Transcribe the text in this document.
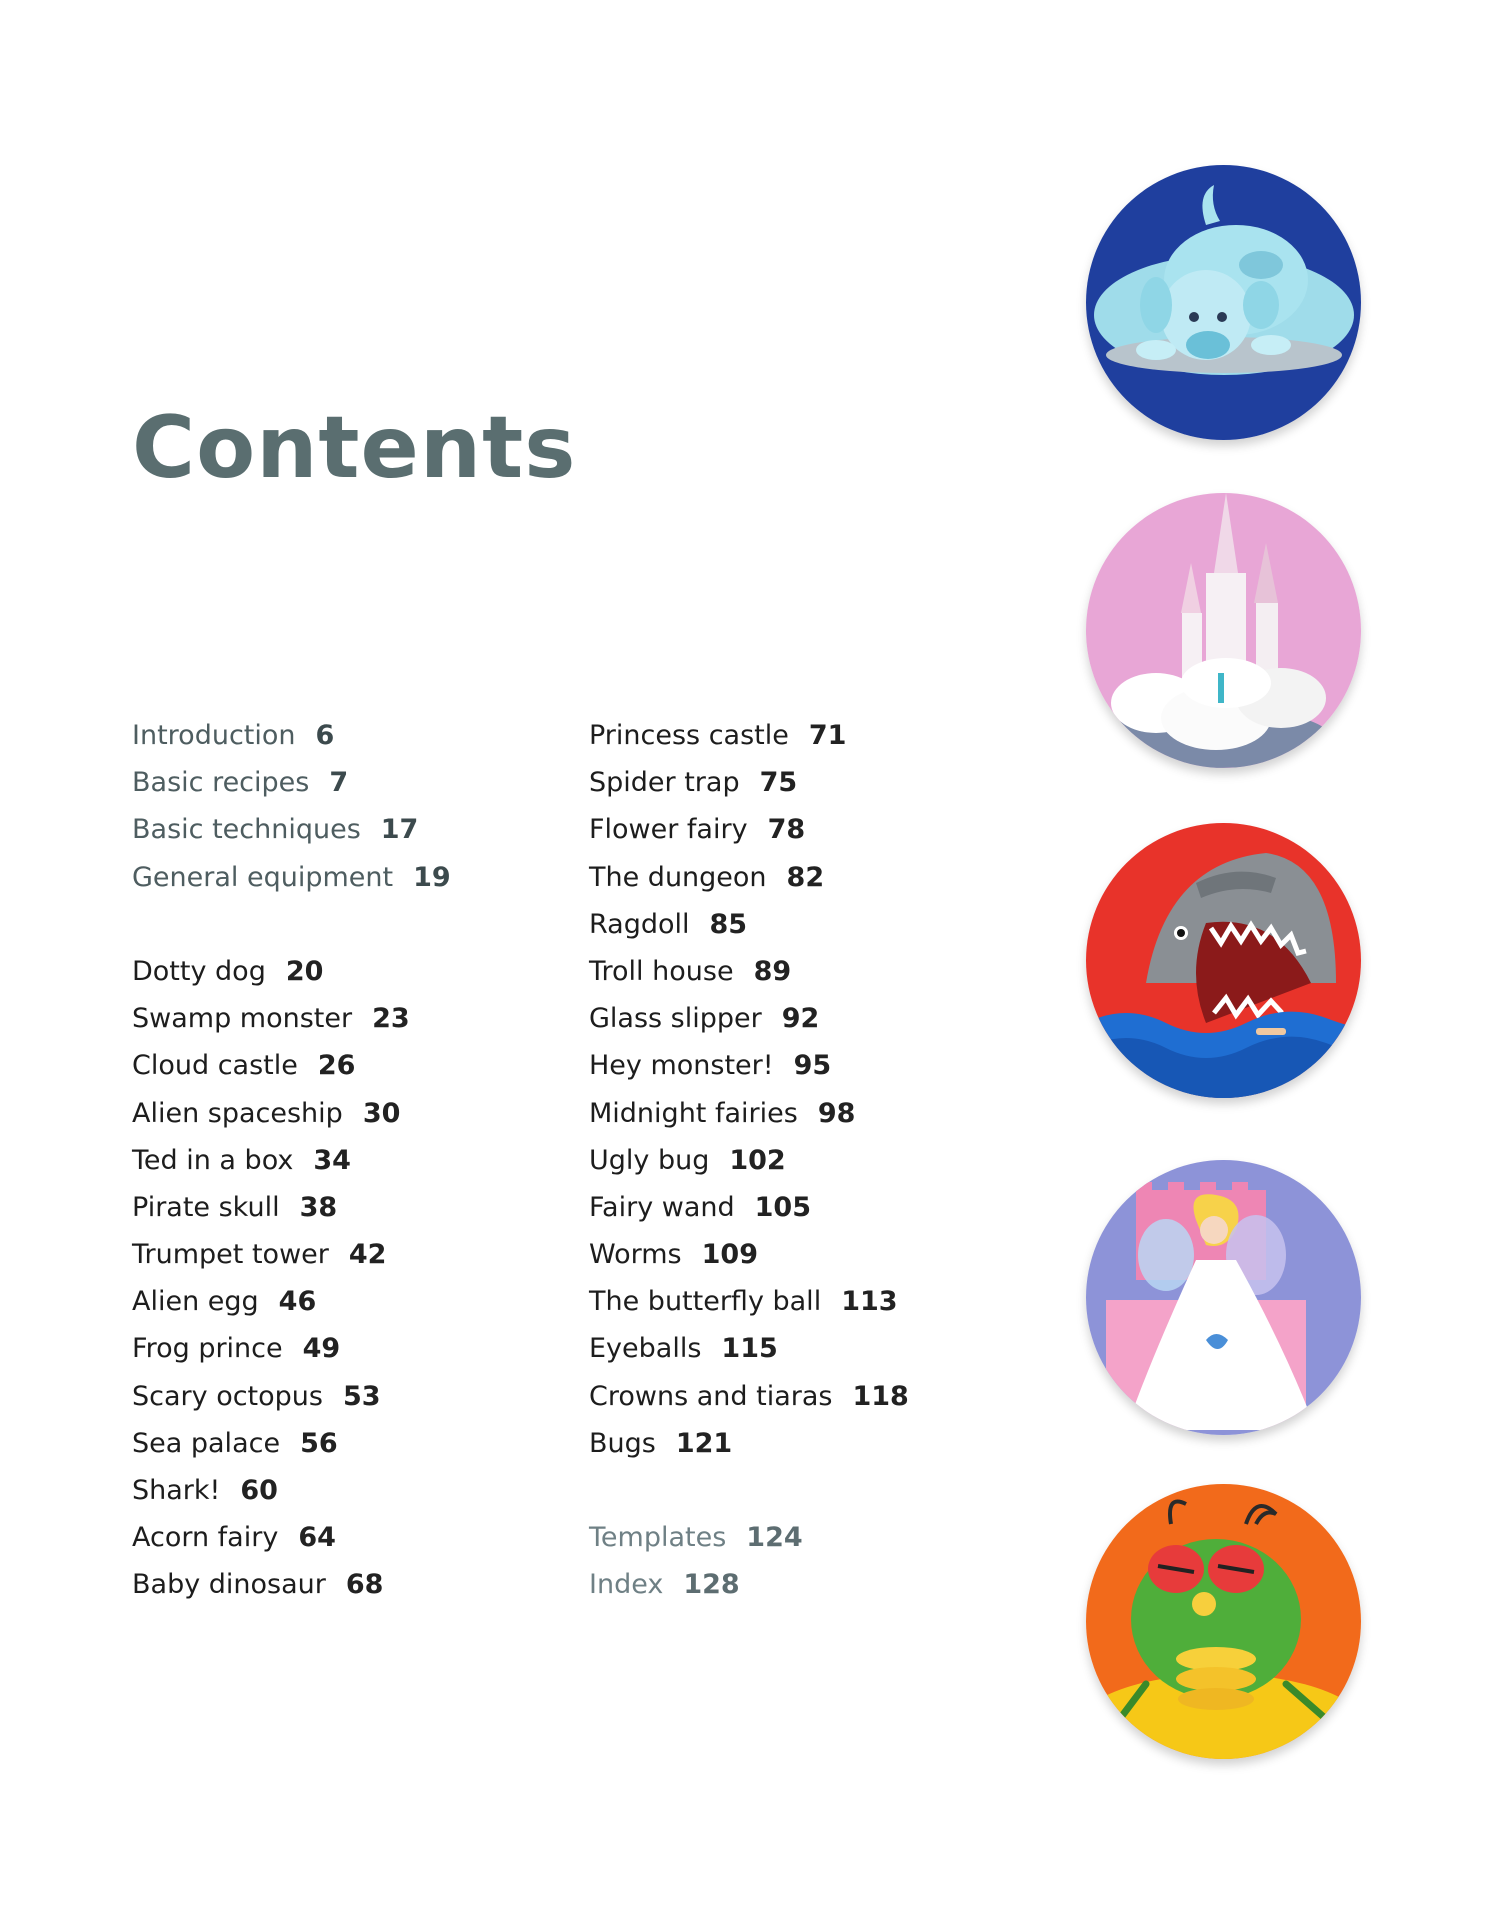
Contents
Introduction 6
Basic recipes 7
Basic techniques 17
General equipment 19
Dotty dog 20
Swamp monster 23
Cloud castle 26
Alien spaceship 30
Ted in a box 34
Pirate skull 38
Trumpet tower 42
Alien egg 46
Frog prince 49
Scary octopus 53
Sea palace 56
Shark! 60
Acorn fairy 64
Baby dinosaur 68
Princess castle 71
Spider trap 75
Flower fairy 78
The dungeon 82
Ragdoll 85
Troll house 89
Glass slipper 92
Hey monster! 95
Midnight fairies 98
Ugly bug 102
Fairy wand 105
Worms 109
The butterfly ball 113
Eyeballs 115
Crowns and tiaras 118
Bugs 121
Templates 124
Index 128
